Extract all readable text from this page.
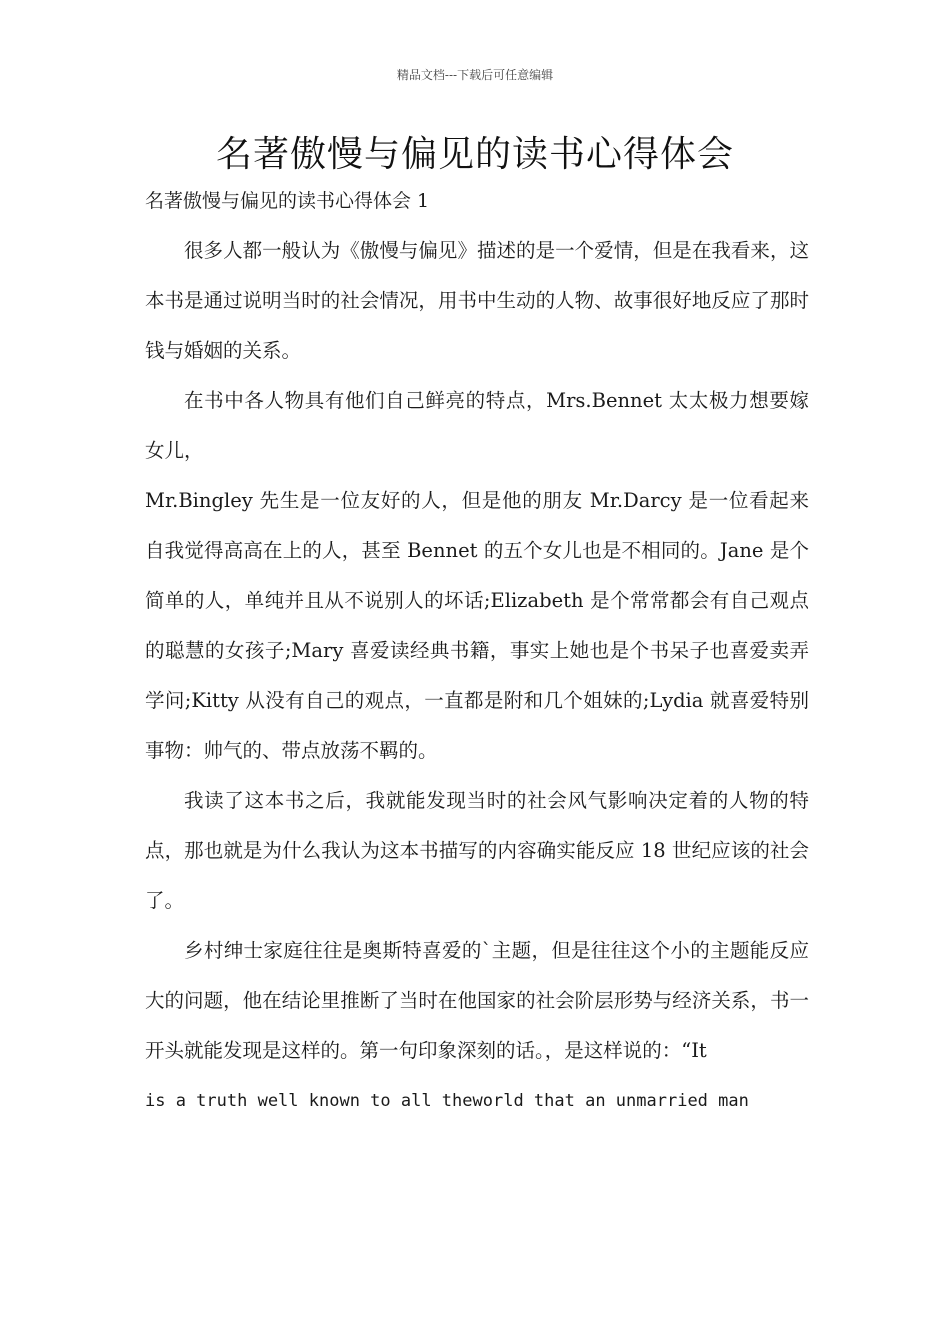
精品文档---下载后可任意编辑
名著傲慢与偏见的读书心得体会
名著傲慢与偏见的读书心得体会 1

很多人都一般认为《傲慢与偏见》描述的是一个爱情，但是在我看来，这本书是通过说明当时的社会情况，用书中生动的人物、故事很好地反应了那时钱与婚姻的关系。

在书中各人物具有他们自己鲜亮的特点，Mrs.Bennet 太太极力想要嫁女儿，

Mr.Bingley 先生是一位友好的人，但是他的朋友 Mr.Darcy 是一位看起来自我觉得高高在上的人，甚至 Bennet 的五个女儿也是不相同的。Jane 是个简单的人，单纯并且从不说别人的坏话;Elizabeth 是个常常都会有自己观点的聪慧的女孩子;Mary 喜爱读经典书籍，事实上她也是个书呆子也喜爱卖弄学问;Kitty 从没有自己的观点，一直都是附和几个姐妹的;Lydia 就喜爱特别事物：帅气的、带点放荡不羁的。

我读了这本书之后，我就能发现当时的社会风气影响决定着的人物的特点，那也就是为什么我认为这本书描写的内容确实能反应 18 世纪应该的社会了。

乡村绅士家庭往往是奥斯特喜爱的`主题，但是往往这个小的主题能反应大的问题，他在结论里推断了当时在他国家的社会阶层形势与经济关系，书一开头就能发现是这样的。第一句印象深刻的话。，是这样说的：“It

is a truth well known to all theworld that an unmarried man
